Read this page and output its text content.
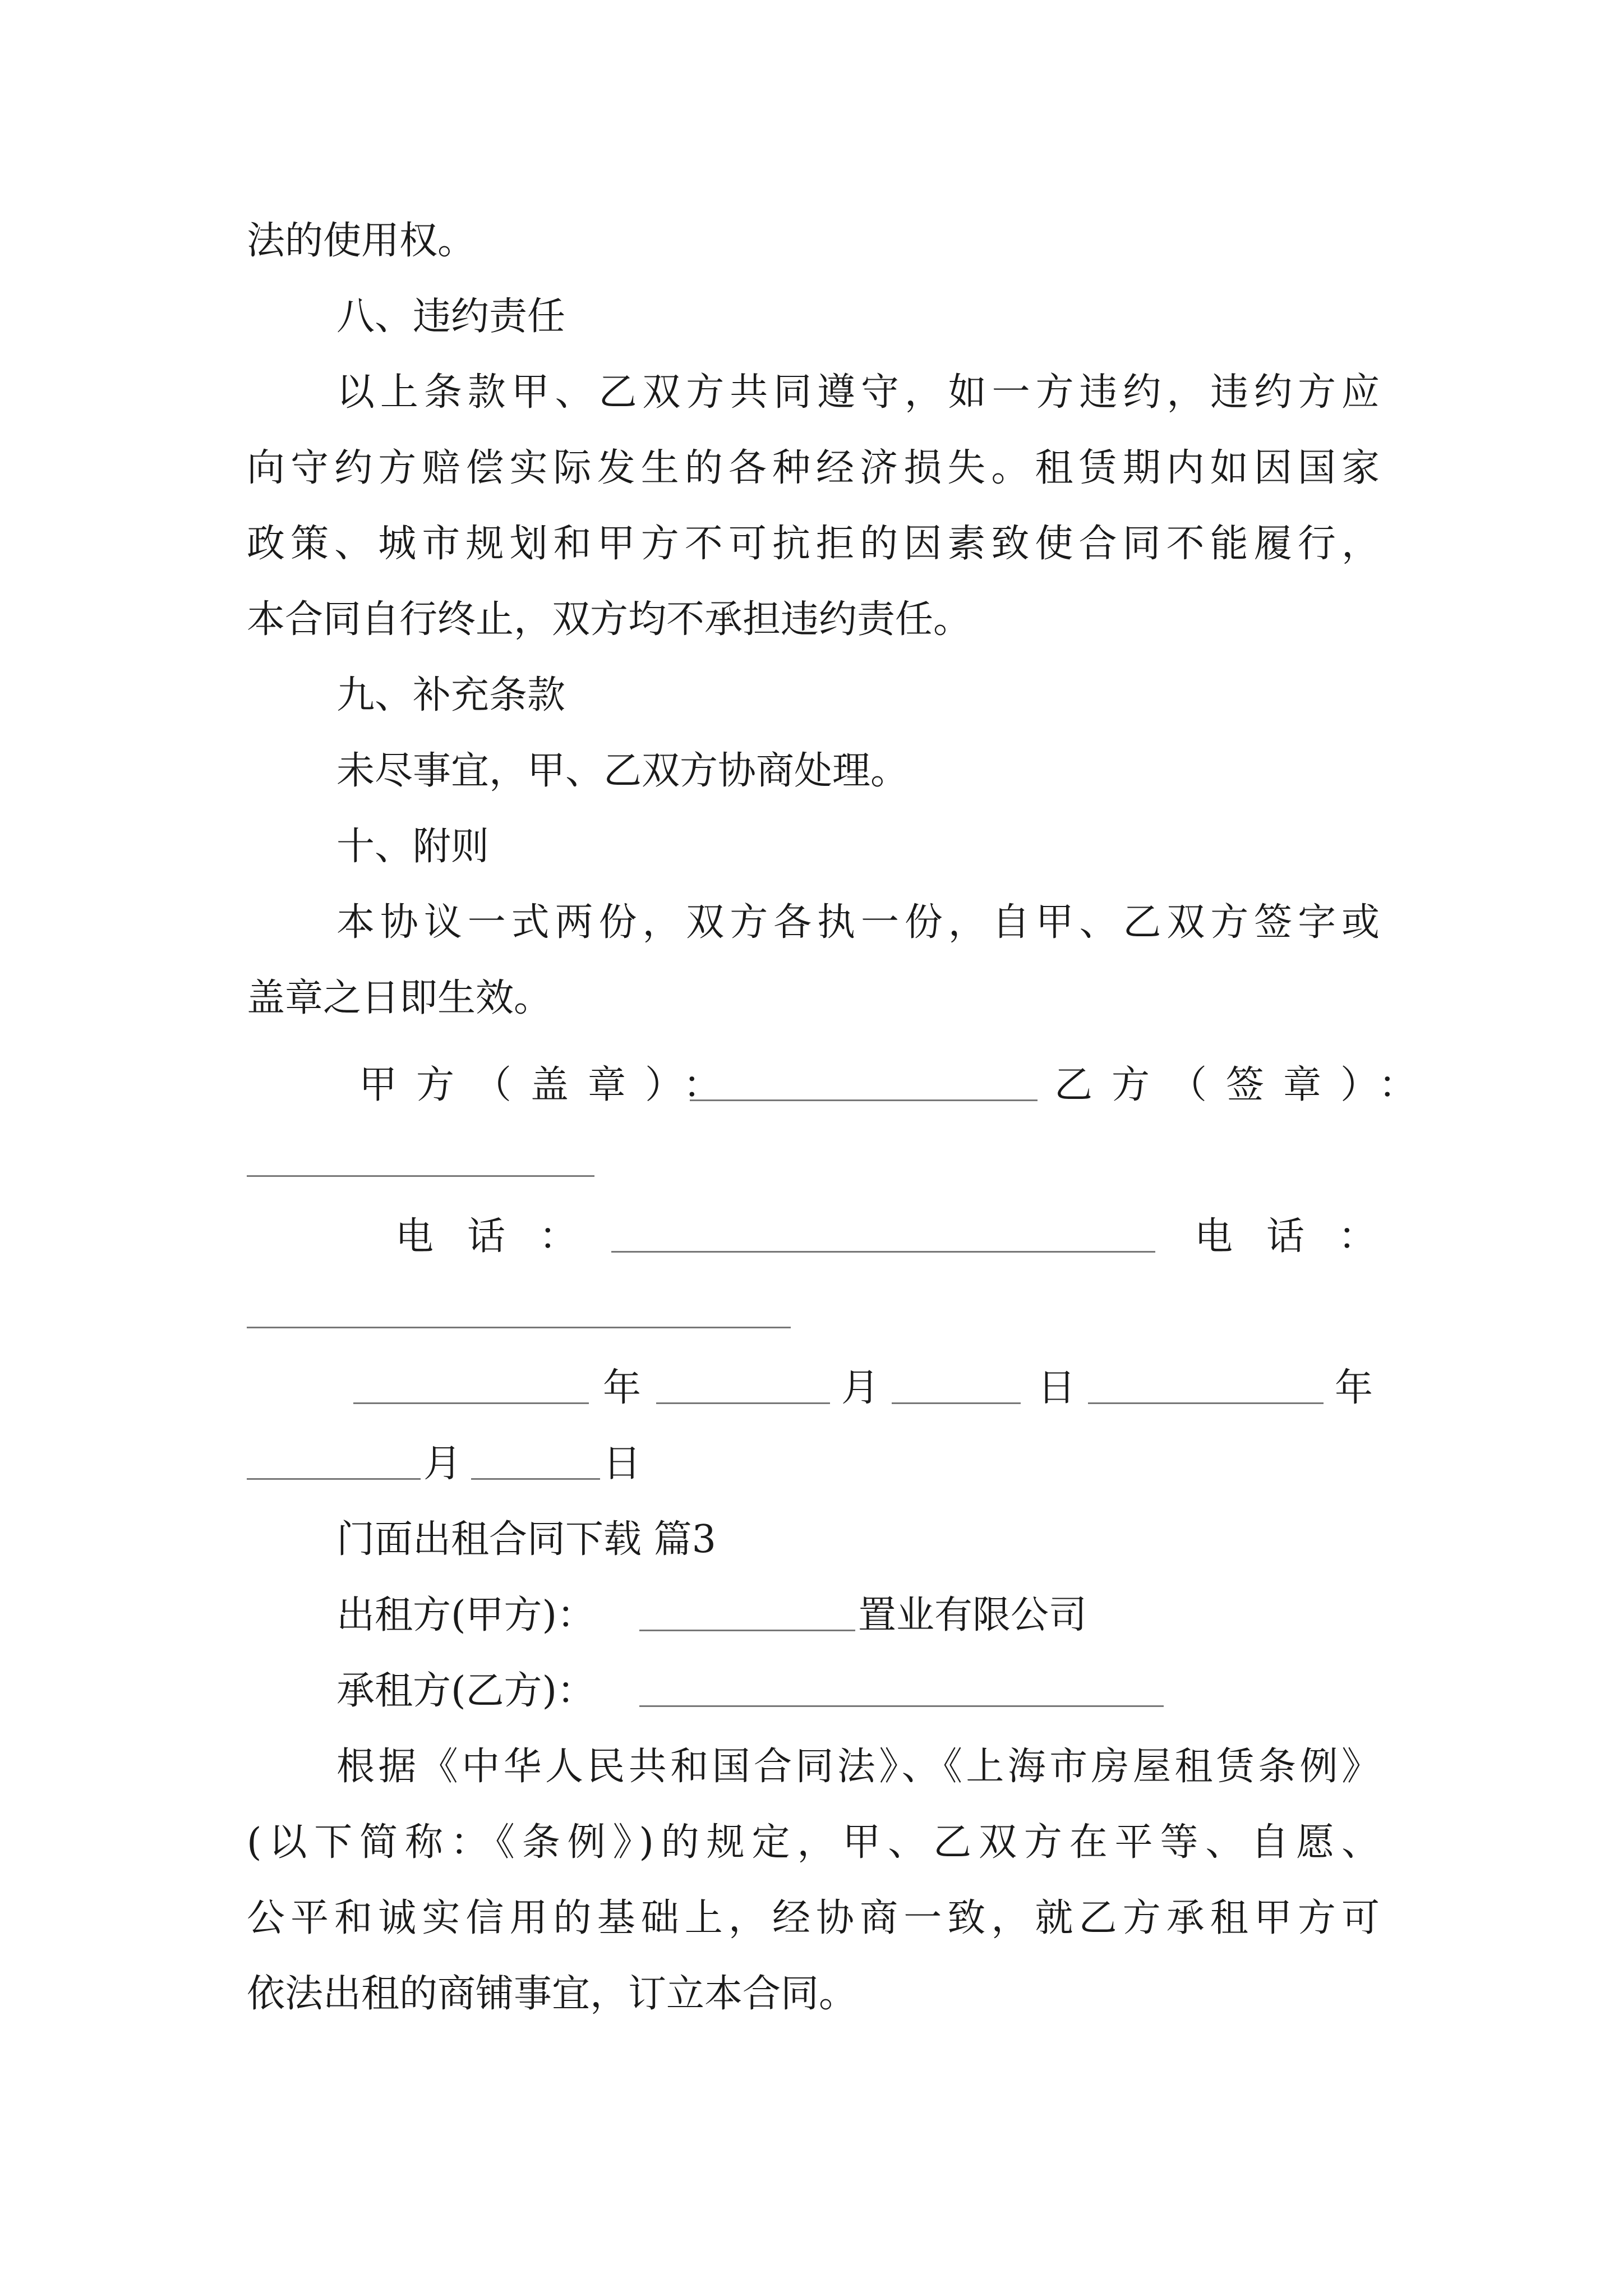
法的使用权。
八、违约责任
以上条款甲、乙双方共同遵守，如一方违约，违约方应
向守约方赔偿实际发生的各种经济损失。租赁期内如因国家
政策、城市规划和甲方不可抗拒的因素致使合同不能履行，
本合同自行终止，双方均不承担违约责任。
九、补充条款
未尽事宜，甲、乙双方协商处理。
十、附则
本协议一式两份，双方各执一份，自甲、乙双方签字或
盖章之日即生效。
甲方（盖章）：	乙方（签章）：
电话：	电话：
年	月	日	年
月	日
门面出租合同下载 篇3
出租方(甲方)：	置业有限公司
承租方(乙方)：
根据《中华人民共和国合同法》、《上海市房屋租赁条例》
(以下简称：《条例》)的规定，甲、乙双方在平等、自愿、
公平和诚实信用的基础上，经协商一致，就乙方承租甲方可
依法出租的商铺事宜，订立本合同。
